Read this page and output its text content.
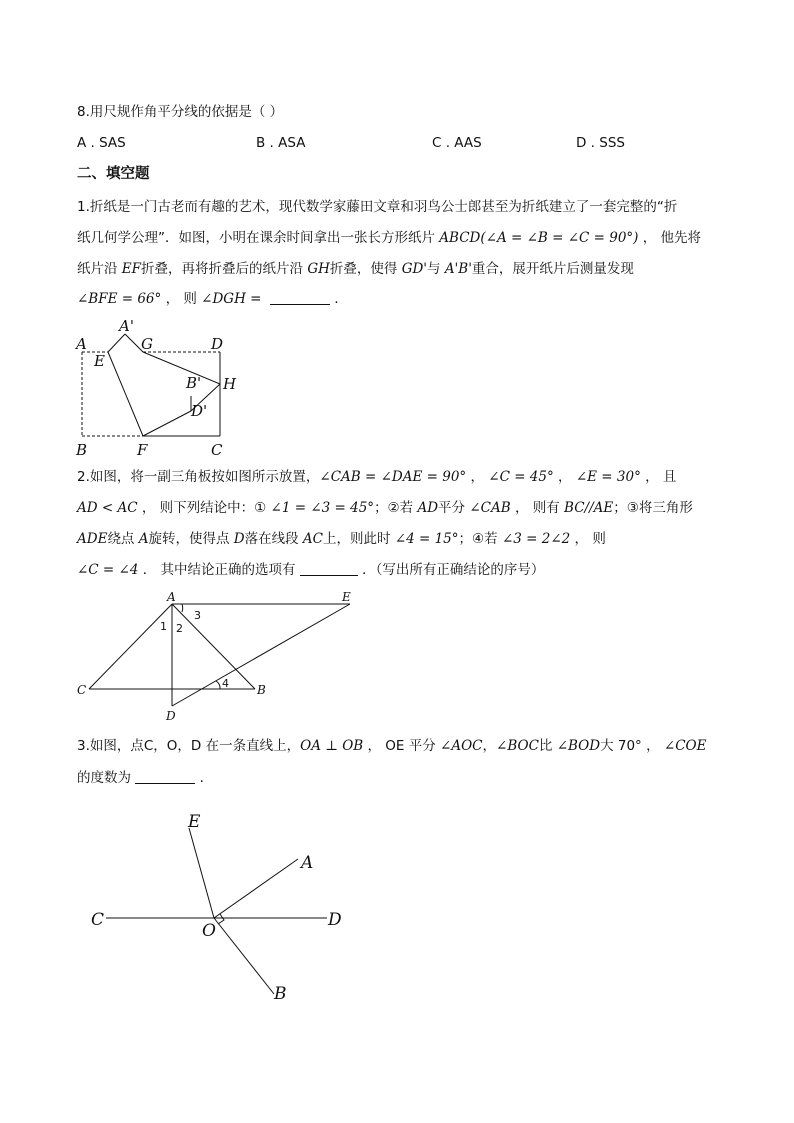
8.用尺规作角平分线的依据是（ ）
A . SAS	B . ASA	C . AAS	D . SSS
二、填空题
1.折纸是一门古老而有趣的艺术，现代数学家藤田文章和羽鸟公士郎甚至为折纸建立了一套完整的“折
纸几何学公理”．如图，小明在课余时间拿出一张长方形纸片 ABCD(∠A = ∠B = ∠C = 90°) ， 他先将
纸片沿 EF折叠，再将折叠后的纸片沿 GH折叠，使得 GD'与 A'B'重合，展开纸片后测量发现
∠BFE = 66° ， 则 ∠DGH =	．
A
A'
G	D
E
B' H
D'
B	F	C
2.如图，将一副三角板按如图所示放置，∠CAB = ∠DAE = 90° ， ∠C = 45° ， ∠E = 30° ， 且
AD < AC ， 则下列结论中：① ∠1 = ∠3 = 45°；②若 AD平分 ∠CAB ， 则有 BC//AE；③将三角形
ADE绕点 A旋转，使得点 D落在线段 AC上，则此时 ∠4 = 15°；④若 ∠3 = 2∠2 ， 则
∠C = ∠4 ． 其中结论正确的选项有	．（写出所有正确结论的序号）
A	E
C	B
D
1 2
3
4
3.如图，点C，O，D 在一条直线上，OA ⊥ OB ， OE 平分 ∠AOC，∠BOC比 ∠BOD大 70° ， ∠COE
的度数为	．
E
A
C
O
D
B
